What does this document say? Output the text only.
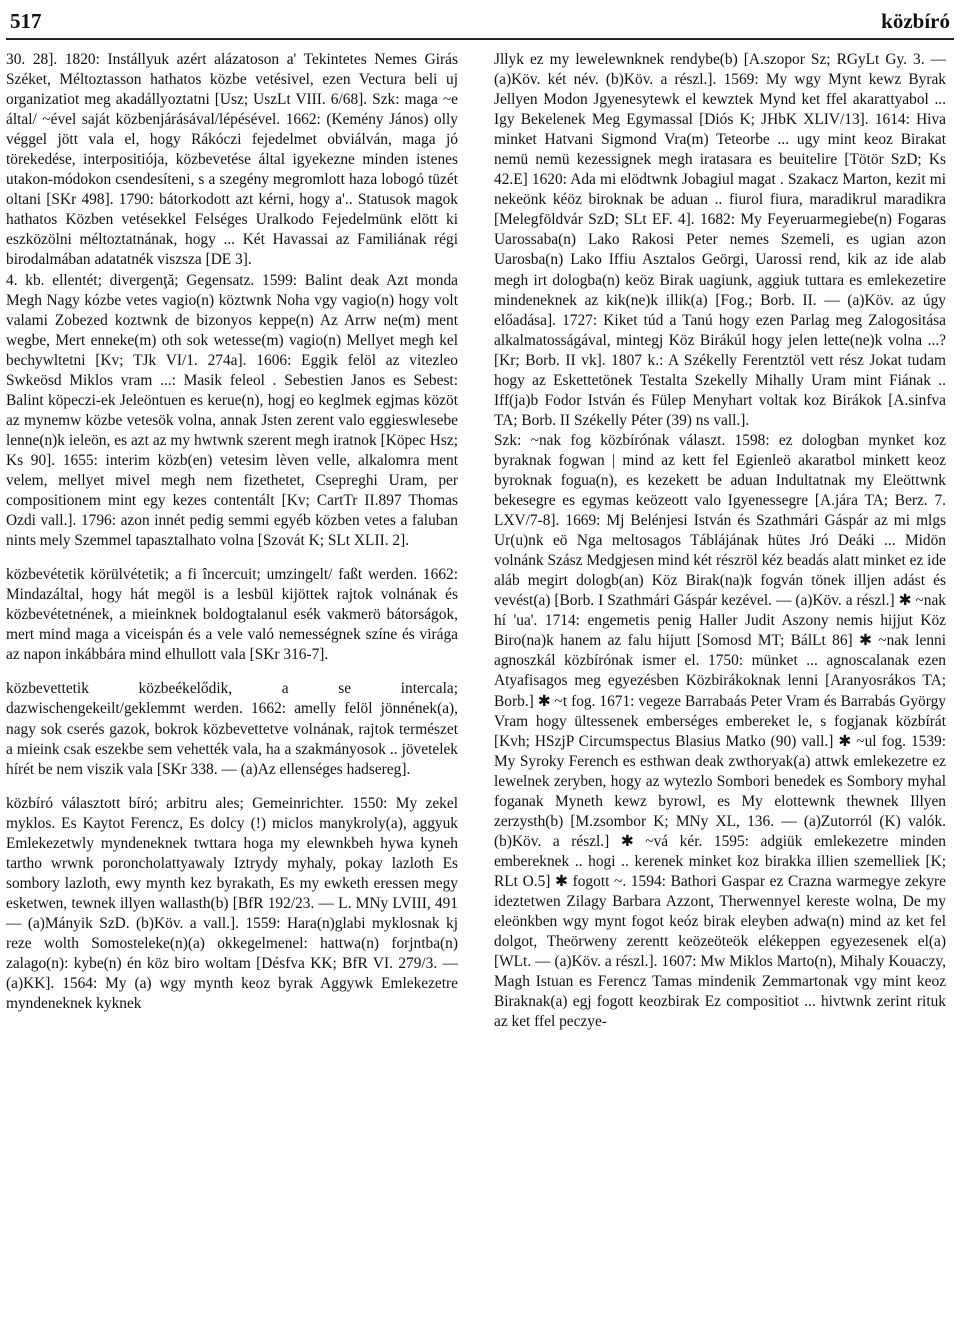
517	közbíró

30. 28]. 1820: Instállyuk azért alázatoson a' Tekintetes Nemes Girás Széket, Méltoztasson hathatos közbe vetésivel, ezen Vectura beli uj organizatiot meg akadállyoztatni [Usz; UszLt VIII. 6/68]. Szk: maga ~e által/ ~ével saját közbenjárásával/lépésével. 1662: (Kemény János) olly véggel jött vala el, hogy Rákóczi fejedelmet obviálván, maga jó törekedése, interpositiója, közbevetése által igyekezne minden istenes utakon-módokon csendesíteni, s a szegény megromlott haza lobogó tüzét oltani [SKr 498]. 1790: bátorkodott azt kérni, hogy a'.. Statusok magok hathatos Közben vetésekkel Felséges Uralkodo Fejedelmünk elött ki eszközölni méltoztatnának, hogy ... Két Havassai az Familiának régi birodalmában adatatnék viszsza [DE 3].

4. kb. ellentét; divergenţă; Gegensatz. 1599: Balint deak Azt monda Megh Nagy kózbe vetes vagio(n) köztwnk Noha vgy vagio(n) hogy volt valami Zobezed koztwnk de bizonyos keppe(n) Az Arrw ne(m) ment wegbe, Mert enneke(m) oth sok wetesse(m) vagio(n) Mellyet megh kel bechywltetni [Kv; TJk VI/1. 274a]. 1606: Eggik felöl az vitezleo Swkeösd Miklos vram ...: Masik feleol . Sebestien Janos es Sebest: Balint köpeczi-ek Jeleöntuen es kerue(n), hogj eo keglmek egjmas közöt az mynemw közbe vetesök volna, annak Jsten zerent valo eggieswlesebe lenne(n)k ieleön, es azt az my hwtwnk szerent megh iratnok [Köpec Hsz; Ks 90]. 1655: interim közb(en) vetesim lèven velle, alkalomra ment velem, mellyet mivel megh nem fizethetet, Csepreghi Uram, per compositionem mint egy kezes contentált [Kv; CartTr II.897 Thomas Ozdi vall.]. 1796: azon innét pedig semmi egyéb közben vetes a faluban nints mely Szemmel tapasztalhato volna [Szovát K; SLt XLII. 2].

közbevétetik körülvétetik; a fi încercuit; umzingelt/ faßt werden. 1662: Mindazáltal, hogy hát megöl is a lesbül kijöttek rajtok volnának és közbevétetnének, a mieinknek boldogtalanul esék vakmerö bátorságok, mert mind maga a viceispán és a vele való nemességnek színe és virága az napon inkábbára mind elhullott vala [SKr 316-7].

közbevettetik közbeékelődik, a se intercala; dazwischengekeilt/geklemmt werden. 1662: amelly felöl jönnének(a), nagy sok cserés gazok, bokrok közbevettetve volnának, rajtok természet a mieink csak eszekbe sem vehették vala, ha a szakmányosok .. jövetelek hírét be nem viszik vala [SKr 338. — (a)Az ellenséges hadsereg].

közbíró választott bíró; arbitru ales; Gemeinrichter. 1550: My zekel myklos. Es Kaytot Ferencz, Es dolcy (!) miclos manykroly(a), aggyuk Emlekezetwly myndeneknek twttara hoga my elewnkbeh hywa kyneh tartho wrwnk poroncholattyawaly Iztrydy myhaly, pokay lazloth Es sombory lazloth, ewy mynth kez byrakath, Es my ewketh eressen megy esketwen, tewnek illyen wallasth(b) [BfR 192/23. — L. MNy LVIII, 491 — (a)Mányik SzD. (b)Köv. a vall.]. 1559: Hara(n)glabi myklosnak kj reze wolth Somosteleke(n)(a) okkegelmenel: hattwa(n) forjntba(n) zalago(n): kybe(n) én köz biro woltam [Désfva KK; BfR VI. 279/3. — (a)KK]. 1564: My (a) wgy mynth keoz byrak Aggywk Emlekezetre myndeneknek kyknek

Jllyk ez my lewelewnknek rendybe(b) [A.szopor Sz; RGyLt Gy. 3. — (a)Köv. két név. (b)Köv. a részl.]. 1569: My wgy Mynt kewz Byrak Jellyen Modon Jgyenesytewk el kewztek Mynd ket ffel akarattyabol ... Igy Bekelenek Meg Egymassal [Diós K; JHbK XLIV/13]. 1614: Hiva minket Hatvani Sigmond Vra(m) Teteorbe ... ugy mint keoz Birakat nemü nemü kezessignek megh iratasara es beuitelire [Tötör SzD; Ks 42.E] 1620: Ada mi elödtwnk Jobagiul magat . Szakacz Marton, kezit mi nekeönk kéöz biroknak be aduan .. fiurol fiura, maradikrul maradikra [Melegföldvár SzD; SLt EF. 4]. 1682: My Feyeruarmegiebe(n) Fogaras Uarossaba(n) Lako Rakosi Peter nemes Szemeli, es ugian azon Uarosba(n) Lako Iffiu Asztalos Geörgi, Uarossi rend, kik az ide alab megh irt dologba(n) keöz Birak uagiunk, aggiuk tuttara es emlekezetire mindeneknek az kik(ne)k illik(a) [Fog.; Borb. II. — (a)Köv. az úgy előadása]. 1727: Kiket túd a Tanú hogy ezen Parlag meg Zalogositása alkalmatosságával, mintegj Köz Birákúl hogy jelen lette(ne)k volna ...? [Kr; Borb. II vk]. 1807 k.: A Székelly Ferentztöl vett rész Jokat tudam hogy az Eskettetönek Testalta Szekelly Mihally Uram mint Fiának .. Iff(ja)b Fodor István és Fülep Menyhart voltak koz Birákok [A.sinfva TA; Borb. II Székelly Péter (39) ns vall.].

Szk: ~nak fog közbírónak választ. 1598: ez dologban mynket koz byraknak fogwan | mind az kett fel Egienleö akaratbol minkett keoz byroknak fogua(n), es kezekett be aduan Indultatnak my Eleöttwnk bekesegre es egymas keözeott valo Igyenessegre [A.jára TA; Berz. 7. LXV/7-8]. 1669: Mj Belénjesi István és Szathmári Gáspár az mi mlgs Ur(u)nk eö Nga meltosagos Táblájának hütes Jró Deáki ... Midön volnánk Szász Medgjesen mind két részröl kéz beadás alatt minket ez ide aláb megirt dologb(an) Köz Birak(na)k fogván tönek illjen adást és vevést(a) [Borb. I Szathmári Gáspár kezével. — (a)Köv. a részl.] ✱ ~nak hí 'ua'. 1714: engemetis penig Haller Judit Aszony nemis hijjut Köz Biro(na)k hanem az falu hijutt [Somosd MT; BálLt 86] ✱ ~nak lenni agnoszkál közbírónak ismer el. 1750: münket ... agnoscalanak ezen Atyafisagos meg egyezésben Közbirákoknak lenni [Aranyosrákos TA; Borb.] ✱ ~t fog. 1671: vegeze Barrabaás Peter Vram és Barrabás György Vram hogy ültessenek emberséges embereket le, s fogjanak közbírát [Kvh; HSzjP Circumspectus Blasius Matko (90) vall.] ✱ ~ul fog. 1539: My Syroky Ferench es esthwan deak zwthoryak(a) attwk emlekezetre ez lewelnek zeryben, hogy az wytezlo Sombori benedek es Sombory myhal foganak Myneth kewz byrowl, es My elottewnk thewnek Illyen zerzysth(b) [M.zsombor K; MNy XL, 136. — (a)Zutorról (K) valók. (b)Köv. a részl.] ✱ ~vá kér. 1595: adgiük emlekezetre minden embereknek .. hogi .. kerenek minket koz birakka illien szemelliek [K; RLt O.5] ✱ fogott ~. 1594: Bathori Gaspar ez Crazna warmegye zekyre ideztetwen Zilagy Barbara Azzont, Therwennyel kereste wolna, De my eleönkben wgy mynt fogot keóz birak eleyben adwa(n) mind az ket fel dolgot, Theörweny zerentt keözeöteök elékeppen egyezesenek el(a) [WLt. — (a)Köv. a részl.]. 1607: Mw Miklos Marto(n), Mihaly Kouaczy, Magh Istuan es Ferencz Tamas mindenik Zemmartonak vgy mint keoz Biraknak(a) egj fogott keozbirak Ez compositiot ... hivtwnk zerint rituk az ket ffel peczye-
